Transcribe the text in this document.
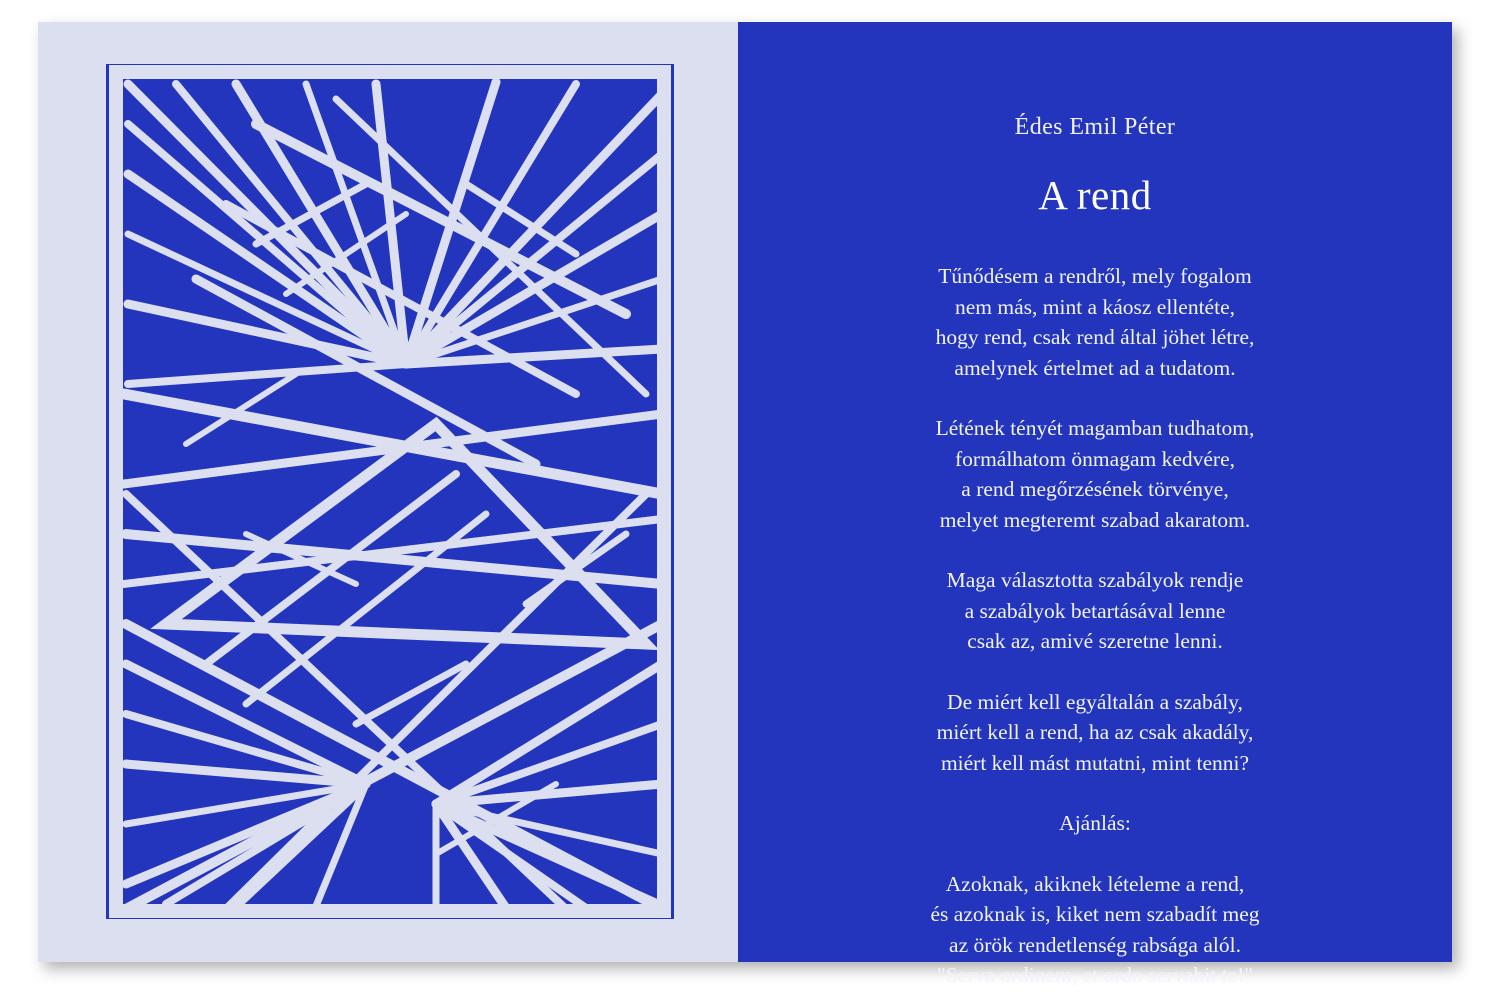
Édes Emil Péter
A rend

Tűnődésem a rendről, mely fogalom
nem más, mint a káosz ellentéte,
hogy rend, csak rend által jöhet létre,
amelynek értelmet ad a tudatom.

Létének tényét magamban tudhatom,
formálhatom önmagam kedvére,
a rend megőrzésének törvénye,
melyet megteremt szabad akaratom.

Maga választotta szabályok rendje
a szabályok betartásával lenne
csak az, amivé szeretne lenni.

De miért kell egyáltalán a szabály,
miért kell a rend, ha az csak akadály,
miért kell mást mutatni, mint tenni?

Ajánlás:

Azoknak, akiknek lételeme a rend,
és azoknak is, kiket nem szabadít meg
az örök rendetlenség rabsága alól.
"Serva ordinem, et ordo servabit te!"
